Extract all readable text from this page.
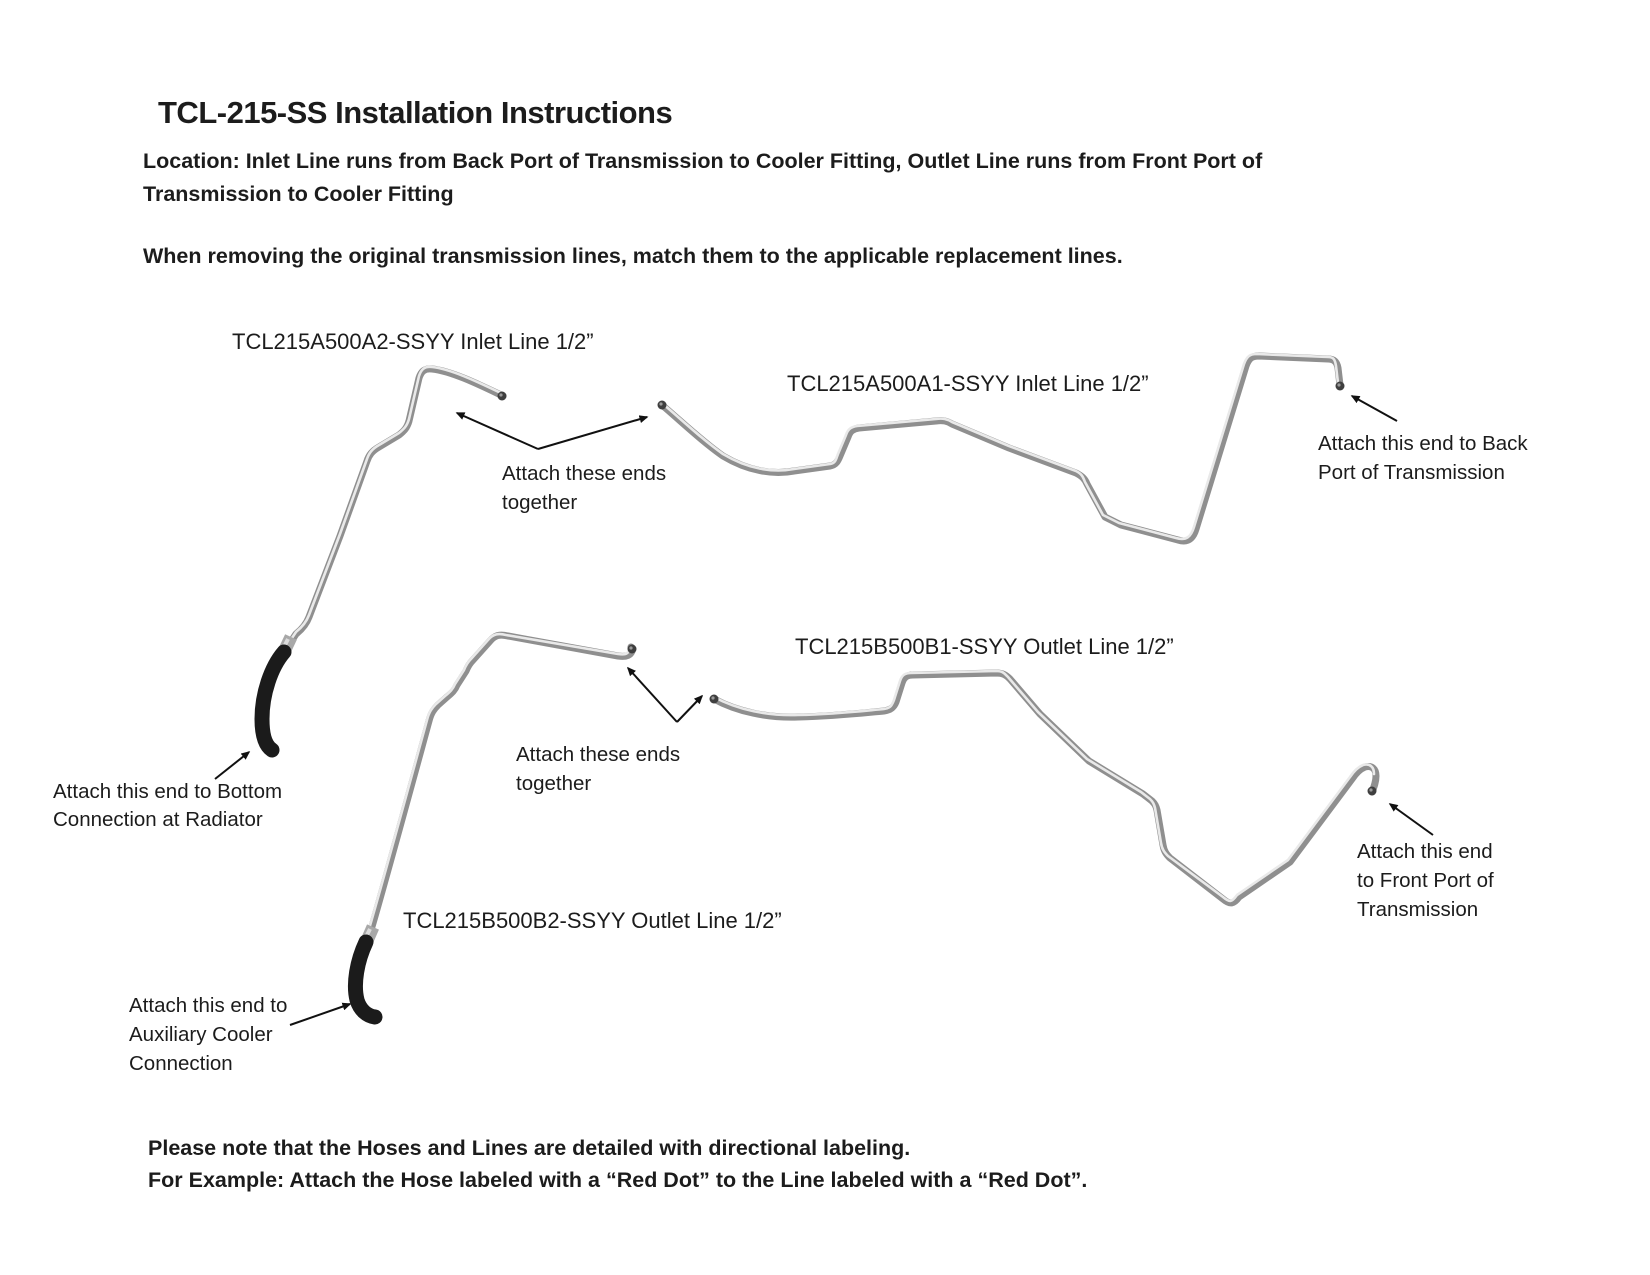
TCL-215-SS Installation Instructions
Location: Inlet Line runs from Back Port of Transmission to Cooler Fitting, Outlet Line runs from Front Port of
Transmission to Cooler Fitting
When removing the original transmission lines, match them to the applicable replacement lines.
TCL215A500A2-SSYY Inlet Line 1/2”
TCL215A500A1-SSYY Inlet Line 1/2”
TCL215B500B1-SSYY Outlet Line 1/2”
TCL215B500B2-SSYY Outlet Line 1/2”
Attach these ends
together
Attach these ends
together
Attach this end to Back
Port of Transmission
Attach this end
to Front Port of
Transmission
Attach this end to Bottom
Connection at Radiator
Attach this end to
Auxiliary Cooler
Connection
Please note that the Hoses and Lines are detailed with directional labeling.
For Example: Attach the Hose labeled with a “Red Dot” to the Line labeled with a “Red Dot”.
